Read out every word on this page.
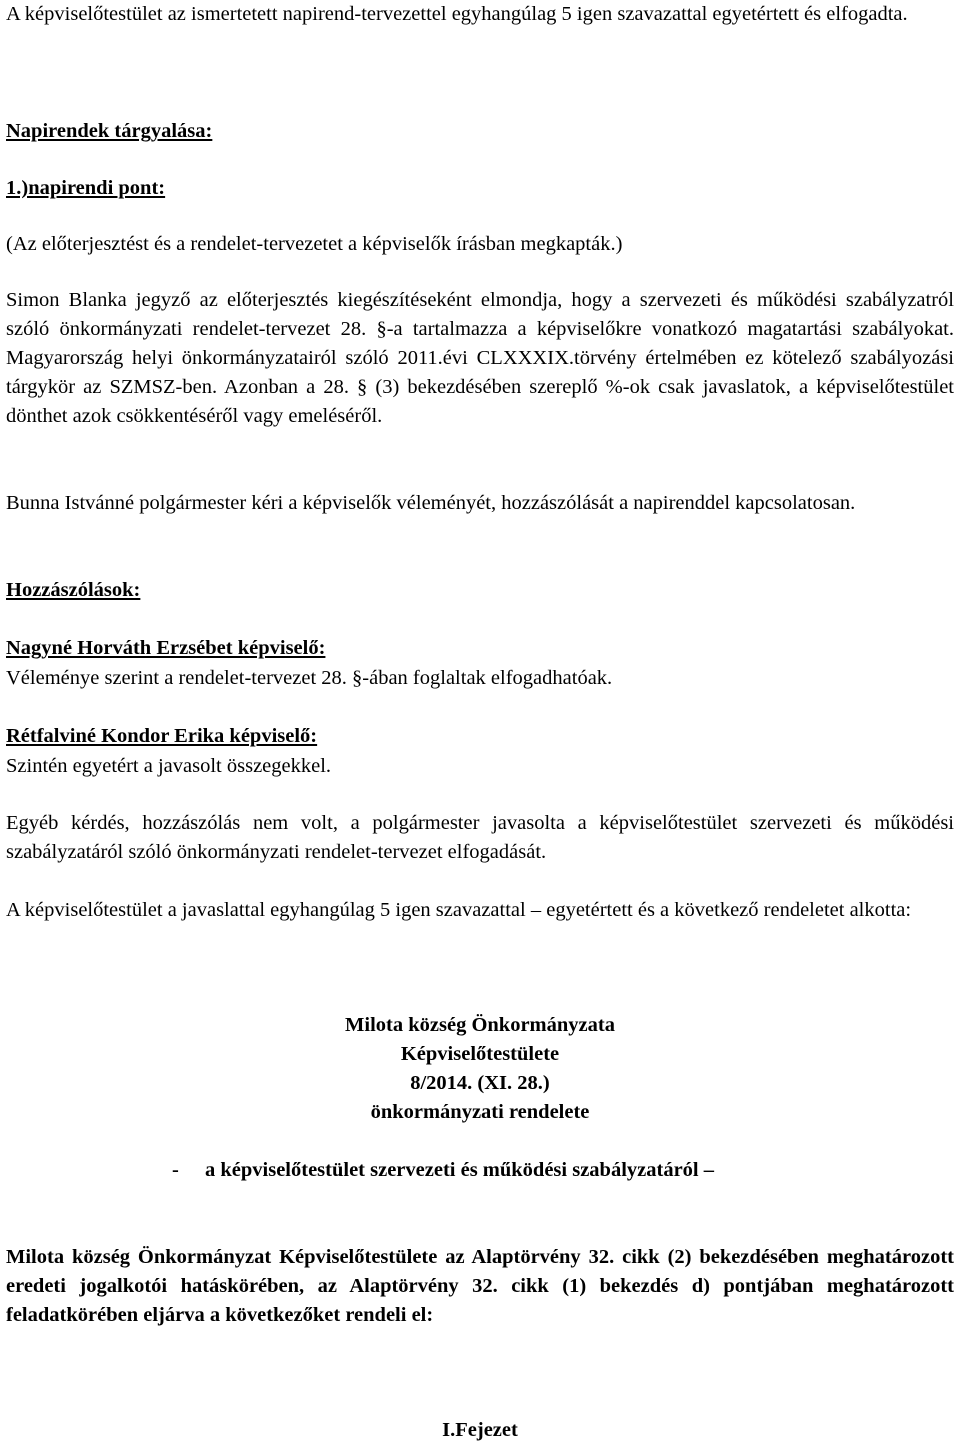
A képviselőtestület az ismertetett napirend-tervezettel egyhangúlag 5 igen szavazattal egyetértett és elfogadta.

Napirendek tárgyalása:

1.)napirendi pont:

(Az előterjesztést és a rendelet-tervezetet a képviselők írásban megkapták.)

Simon Blanka jegyző az előterjesztés kiegészítéseként elmondja, hogy a szervezeti és működési szabályzatról szóló önkormányzati rendelet-tervezet 28. §-a tartalmazza a képviselőkre vonatkozó magatartási szabályokat. Magyarország helyi önkormányzatairól szóló 2011.évi CLXXXIX.törvény értelmében ez kötelező szabályozási tárgykör az SZMSZ-ben. Azonban a 28. § (3) bekezdésében szereplő %-ok csak javaslatok, a képviselőtestület dönthet azok csökkentéséről vagy emeléséről.

Bunna Istvánné polgármester kéri a képviselők véleményét, hozzászólását a napirenddel kapcsolatosan.

Hozzászólások:

Nagyné Horváth Erzsébet képviselő:

Véleménye szerint a rendelet-tervezet 28. §-ában foglaltak elfogadhatóak.

Rétfalviné Kondor Erika képviselő:

Szintén egyetért a javasolt összegekkel.

Egyéb kérdés, hozzászólás nem volt, a polgármester javasolta a képviselőtestület szervezeti és működési szabályzatáról szóló önkormányzati rendelet-tervezet elfogadását.

A képviselőtestület a javaslattal egyhangúlag 5 igen szavazattal – egyetértett és a következő rendeletet alkotta:

Milota község Önkormányzata

Képviselőtestülete

8/2014. (XI. 28.)

önkormányzati rendelete

- a képviselőtestület szervezeti és működési szabályzatáról –

Milota község Önkormányzat Képviselőtestülete az Alaptörvény 32. cikk (2) bekezdésében meghatározott eredeti jogalkotói hatáskörében, az Alaptörvény 32. cikk (1) bekezdés d) pontjában meghatározott feladatkörében eljárva a következőket rendeli el:

I.Fejezet
